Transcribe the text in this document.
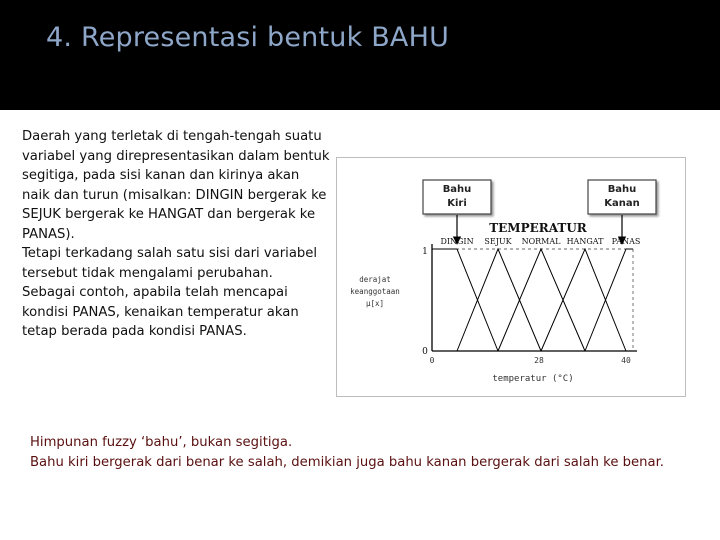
4. Representasi bentuk BAHU

Daerah yang terletak di tengah-tengah suatu variabel yang direpresentasikan dalam bentuk segitiga, pada sisi kanan dan kirinya akan naik dan turun (misalkan: DINGIN bergerak ke SEJUK bergerak ke HANGAT dan bergerak ke PANAS).

Tetapi terkadang salah satu sisi dari variabel tersebut tidak mengalami perubahan. Sebagai contoh, apabila telah mencapai kondisi PANAS, kenaikan temperatur akan tetap berada pada kondisi PANAS.

Bahu
Kiri
Bahu
Kanan
TEMPERATUR
DINGIN SEJUK NORMAL HANGAT PANAS
derajat
keanggotaan
μ[x]
1
0
0	28	40
temperatur (°C)

Himpunan fuzzy ‘bahu’, bukan segitiga.

Bahu kiri bergerak dari benar ke salah, demikian juga bahu kanan bergerak dari salah ke benar.
